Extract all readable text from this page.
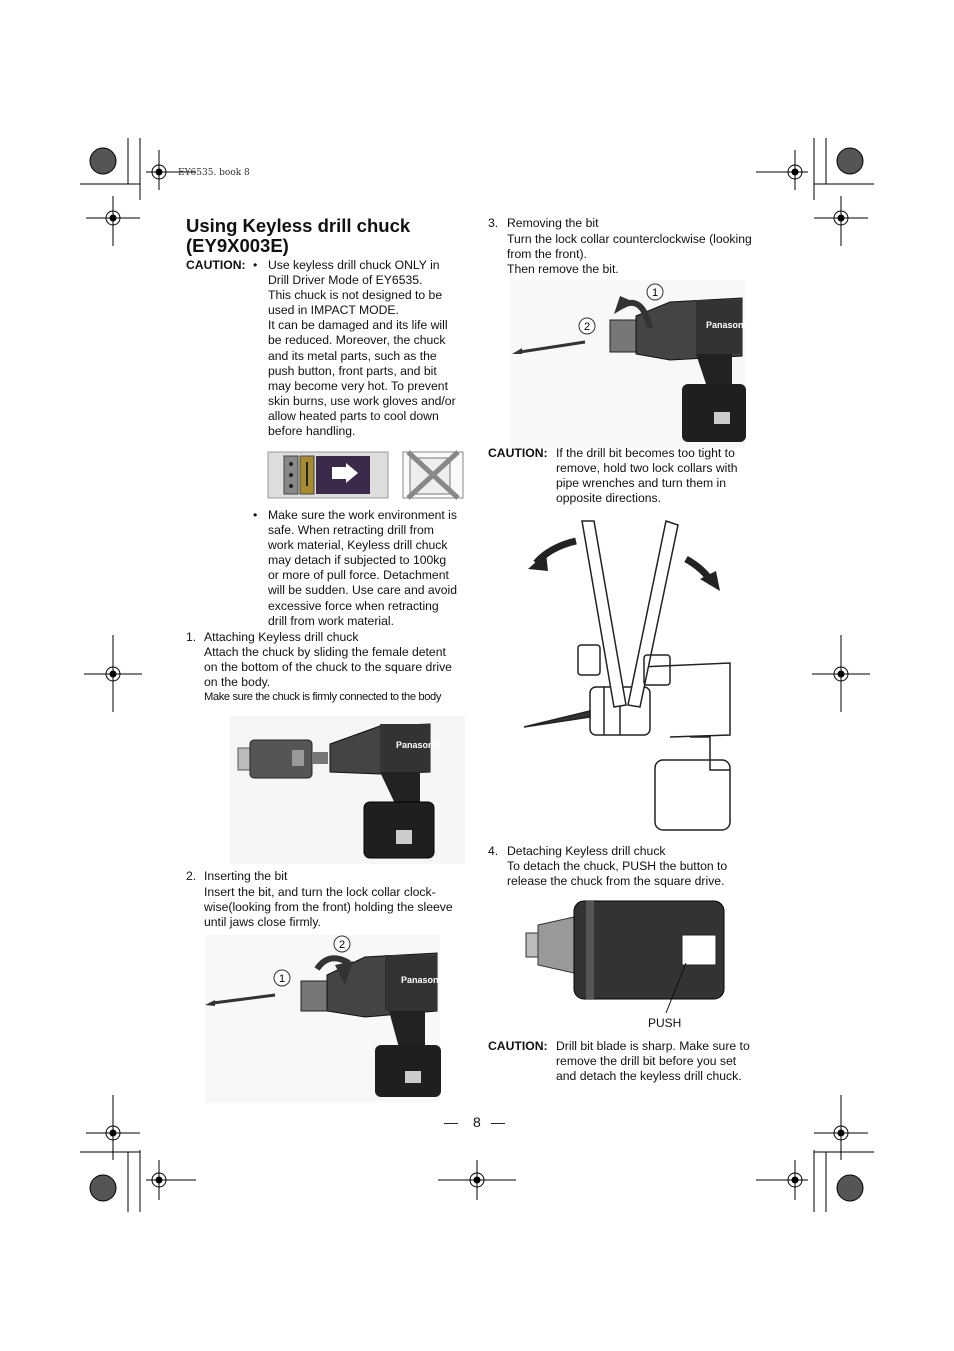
EY6535. book 8
Using Keyless drill chuck
(EY9X003E)
CAUTION: • Use keyless drill chuck ONLY in
Drill Driver Mode of EY6535.
This chuck is not designed to be
used in IMPACT MODE.
It can be damaged and its life will
be reduced. Moreover, the chuck
and its metal parts, such as the
push button, front parts, and bit
may become very hot. To prevent
skin burns, use work gloves and/or
allow heated parts to cool down
before handling.
• Make sure the work environment is
safe. When retracting drill from
work material, Keyless drill chuck
may detach if subjected to 100kg
or more of pull force. Detachment
will be sudden. Use care and avoid
excessive force when retracting
drill from work material.
1. Attaching Keyless drill chuck
Attach the chuck by sliding the female detent
on the bottom of the chuck to the square drive
on the body.
Make sure the chuck is firmly connected to the body
Panasonic
2. Inserting the bit
Insert the bit, and turn the lock collar clock-
wise(looking from the front) holding the sleeve
until jaws close firmly.
Panasonic
1
2
3. Removing the bit
Turn the lock collar counterclockwise (looking
from the front).
Then remove the bit.
Panasonic
1
2
CAUTION: If the drill bit becomes too tight to
remove, hold two lock collars with
pipe wrenches and turn them in
opposite directions.
4. Detaching Keyless drill chuck
To detach the chuck, PUSH the button to
release the chuck from the square drive.
PUSH
CAUTION: Drill bit blade is sharp. Make sure to
remove the drill bit before you set
and detach the keyless drill chuck.
— 8 —
